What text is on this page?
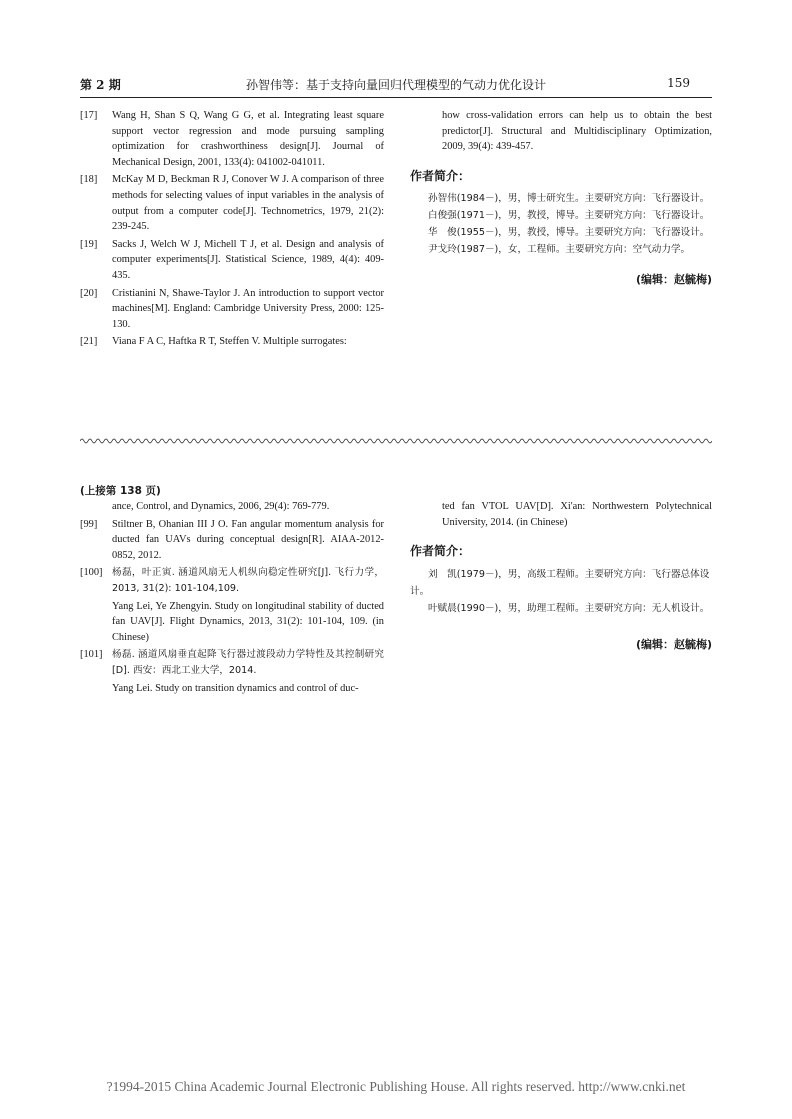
第 2 期	孙智伟等：基于支持向量回归代理模型的气动力优化设计	159
[17] Wang H, Shan S Q, Wang G G, et al. Integrating least square support vector regression and mode pursuing sampling optimization for crashworthiness design[J]. Journal of Mechanical Design, 2001, 133(4): 041002-041011.
[18] McKay M D, Beckman R J, Conover W J. A comparison of three methods for selecting values of input variables in the analysis of output from a computer code[J]. Technometrics, 1979, 21(2): 239-245.
[19] Sacks J, Welch W J, Michell T J, et al. Design and analysis of computer experiments[J]. Statistical Science, 1989, 4(4): 409-435.
[20] Cristianini N, Shawe-Taylor J. An introduction to support vector machines[M]. England: Cambridge University Press, 2000: 125-130.
[21] Viana F A C, Haftka R T, Steffen V. Multiple surrogates:
how cross-validation errors can help us to obtain the best predictor[J]. Structural and Multidisciplinary Optimization, 2009, 39(4): 439-457.
作者简介：

孙智伟(1984－)，男，博士研究生。主要研究方向：飞行器设计。

白俊强(1971－)，男，教授，博导。主要研究方向：飞行器设计。

华　俊(1955－)，男，教授，博导。主要研究方向：飞行器设计。

尹戈玲(1987－)，女，工程师。主要研究方向：空气动力学。

(编辑：赵毓梅)
(上接第 138 页)
ance, Control, and Dynamics, 2006, 29(4): 769-779.
[99] Stiltner B, Ohanian III J O. Fan angular momentum analysis for ducted fan UAVs during conceptual design[R]. AIAA-2012-0852, 2012.
[100] 杨磊，叶正寅. 涵道风扇无人机纵向稳定性研究[J]. 飞行力学，2013, 31(2): 101-104,109.
Yang Lei, Ye Zhengyin. Study on longitudinal stability of ducted fan UAV[J]. Flight Dynamics, 2013, 31(2): 101-104, 109. (in Chinese)
[101] 杨磊. 涵道风扇垂直起降飞行器过渡段动力学特性及其控制研究[D]. 西安：西北工业大学，2014.
Yang Lei. Study on transition dynamics and control of duc-
ted fan VTOL UAV[D]. Xi'an: Northwestern Polytechnical University, 2014. (in Chinese)
作者简介：

刘　凯(1979－)，男，高级工程师。主要研究方向：飞行器总体设计。

叶赋晨(1990－)，男，助理工程师。主要研究方向：无人机设计。

(编辑：赵毓梅)
?1994-2015 China Academic Journal Electronic Publishing House. All rights reserved. http://www.cnki.net
